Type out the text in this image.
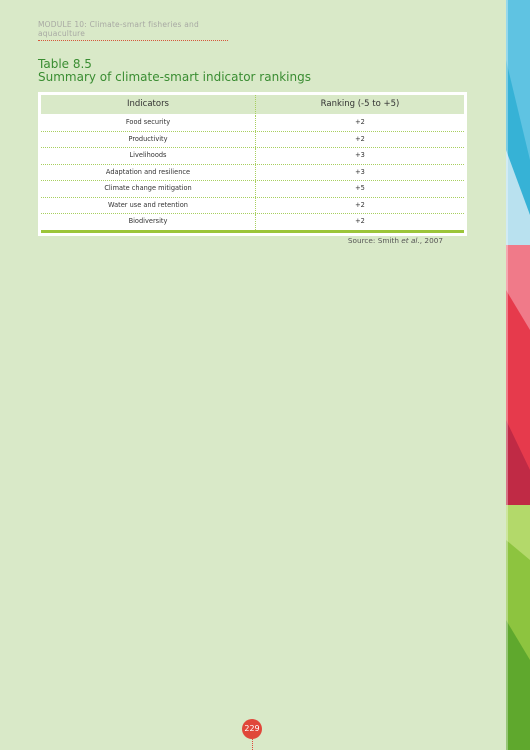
MODULE 10: Climate-smart fisheries and aquaculture
Table 8.5
Summary of climate-smart indicator rankings
Indicators	Ranking (-5 to +5)
Food security	+2
Productivity	+2
Livelihoods	+3
Adaptation and resilience	+3
Climate change mitigation	+5
Water use and retention	+2
Biodiversity	+2
Source: Smith et al., 2007
229
